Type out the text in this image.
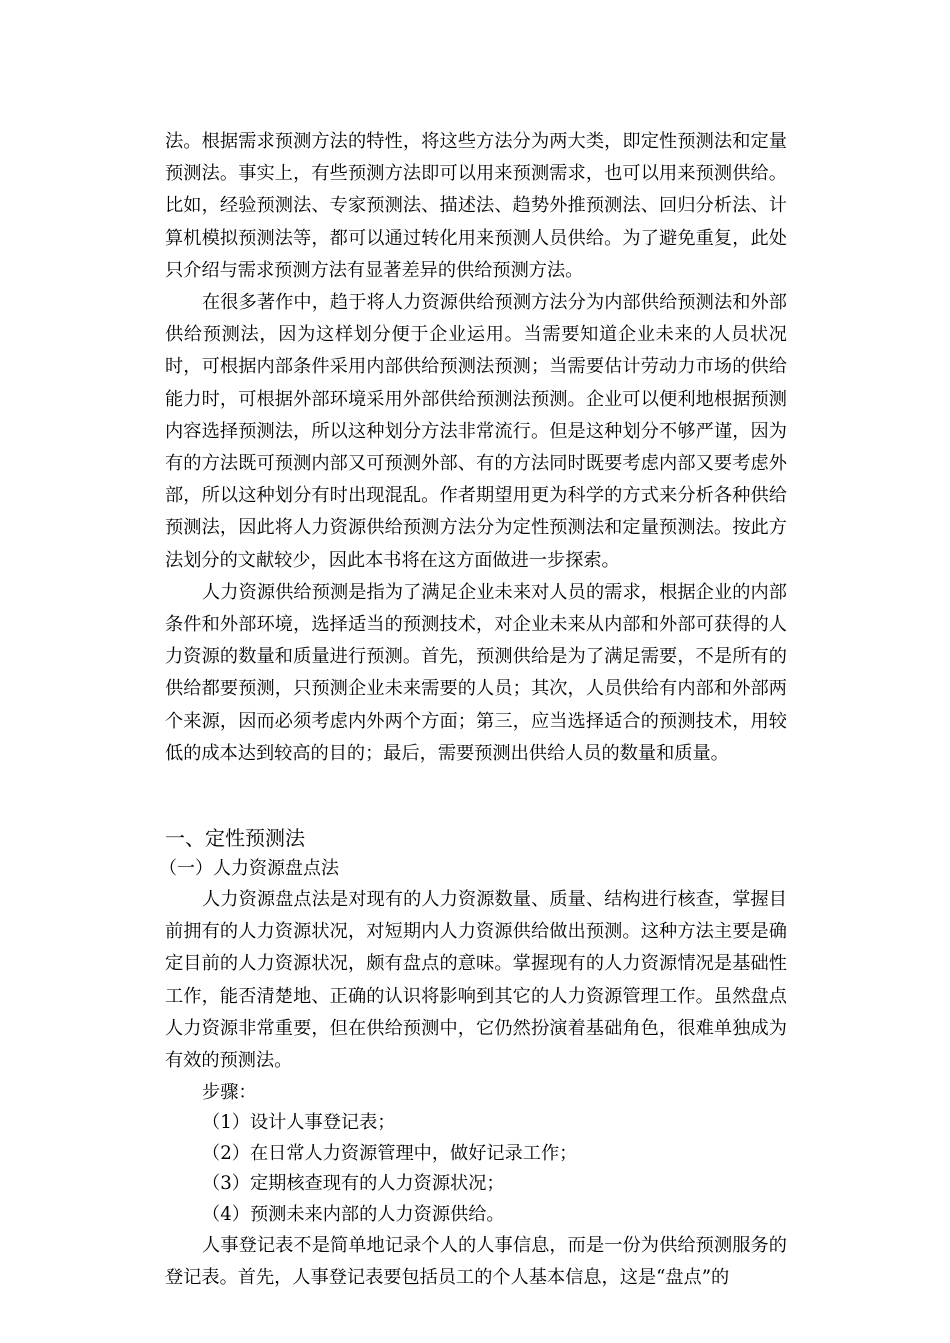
法。根据需求预测方法的特性，将这些方法分为两大类，即定性预测法和定量预测法。事实上，有些预测方法即可以用来预测需求，也可以用来预测供给。比如，经验预测法、专家预测法、描述法、趋势外推预测法、回归分析法、计算机模拟预测法等，都可以通过转化用来预测人员供给。为了避免重复，此处只介绍与需求预测方法有显著差异的供给预测方法。

在很多著作中，趋于将人力资源供给预测方法分为内部供给预测法和外部供给预测法，因为这样划分便于企业运用。当需要知道企业未来的人员状况时，可根据内部条件采用内部供给预测法预测；当需要估计劳动力市场的供给能力时，可根据外部环境采用外部供给预测法预测。企业可以便利地根据预测内容选择预测法，所以这种划分方法非常流行。但是这种划分不够严谨，因为有的方法既可预测内部又可预测外部、有的方法同时既要考虑内部又要考虑外部，所以这种划分有时出现混乱。作者期望用更为科学的方式来分析各种供给预测法，因此将人力资源供给预测方法分为定性预测法和定量预测法。按此方法划分的文献较少，因此本书将在这方面做进一步探索。

人力资源供给预测是指为了满足企业未来对人员的需求，根据企业的内部条件和外部环境，选择适当的预测技术，对企业未来从内部和外部可获得的人力资源的数量和质量进行预测。首先，预测供给是为了满足需要，不是所有的供给都要预测，只预测企业未来需要的人员；其次，人员供给有内部和外部两个来源，因而必须考虑内外两个方面；第三，应当选择适合的预测技术，用较低的成本达到较高的目的；最后，需要预测出供给人员的数量和质量。

一、定性预测法
（一）人力资源盘点法

人力资源盘点法是对现有的人力资源数量、质量、结构进行核查，掌握目前拥有的人力资源状况，对短期内人力资源供给做出预测。这种方法主要是确定目前的人力资源状况，颇有盘点的意味。掌握现有的人力资源情况是基础性工作，能否清楚地、正确的认识将影响到其它的人力资源管理工作。虽然盘点人力资源非常重要，但在供给预测中，它仍然扮演着基础角色，很难单独成为有效的预测法。

步骤：

（1）设计人事登记表；

（2）在日常人力资源管理中，做好记录工作；

（3）定期核查现有的人力资源状况；

（4）预测未来内部的人力资源供给。

人事登记表不是简单地记录个人的人事信息，而是一份为供给预测服务的登记表。首先，人事登记表要包括员工的个人基本信息，这是“盘点”的
